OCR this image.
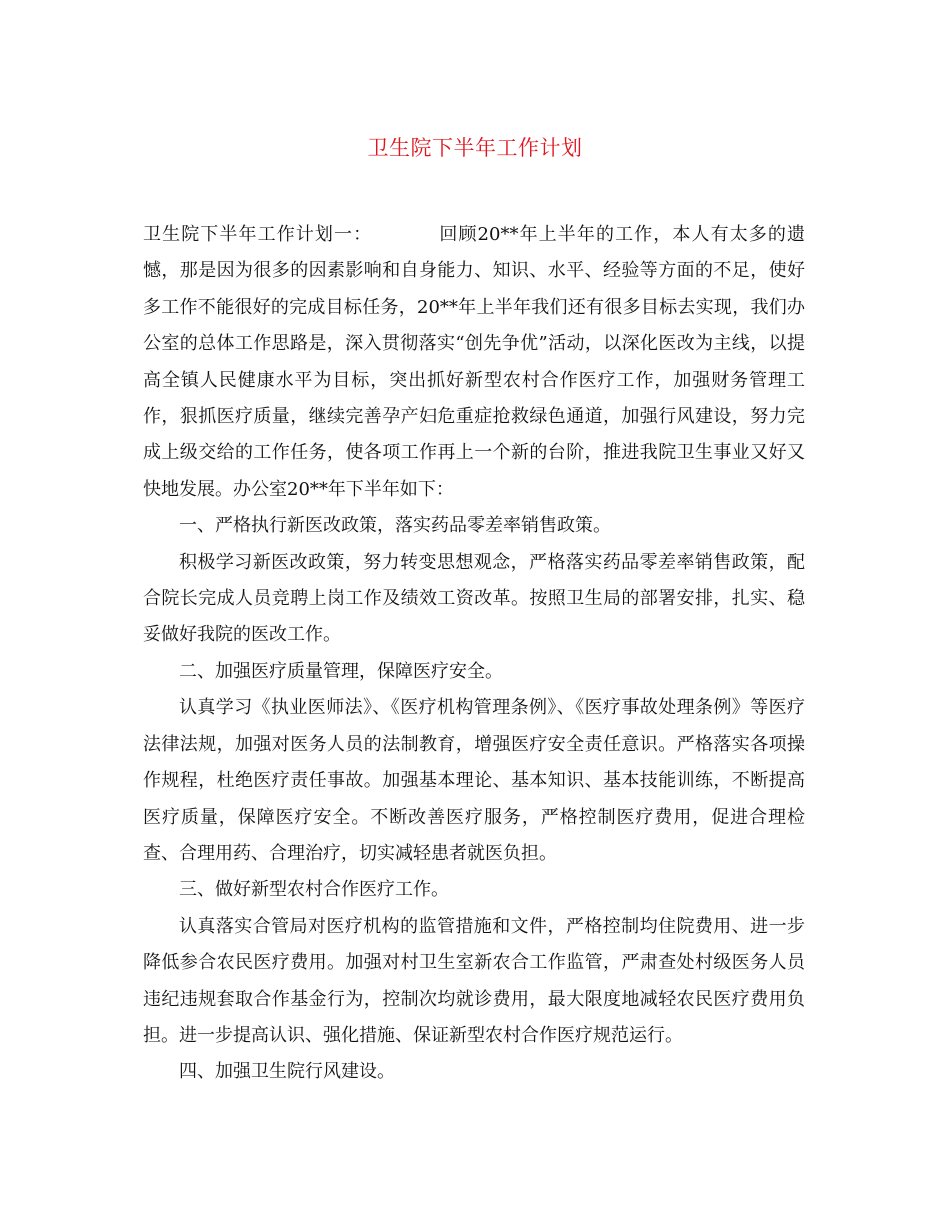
卫生院下半年工作计划

卫生院下半年工作计划一：	回顾20**年上半年的工作，本人有太多的遗憾，那是因为很多的因素影响和自身能力、知识、水平、经验等方面的不足，使好多工作不能很好的完成目标任务，20**年上半年我们还有很多目标去实现，我们办公室的总体工作思路是，深入贯彻落实“创先争优”活动，以深化医改为主线，以提高全镇人民健康水平为目标，突出抓好新型农村合作医疗工作，加强财务管理工作，狠抓医疗质量，继续完善孕产妇危重症抢救绿色通道，加强行风建设，努力完成上级交给的工作任务，使各项工作再上一个新的台阶，推进我院卫生事业又好又快地发展。办公室20**年下半年如下：

一、严格执行新医改政策，落实药品零差率销售政策。

积极学习新医改政策，努力转变思想观念，严格落实药品零差率销售政策，配合院长完成人员竞聘上岗工作及绩效工资改革。按照卫生局的部署安排，扎实、稳妥做好我院的医改工作。

二、加强医疗质量管理，保障医疗安全。

认真学习《执业医师法》、《医疗机构管理条例》、《医疗事故处理条例》等医疗法律法规，加强对医务人员的法制教育，增强医疗安全责任意识。严格落实各项操作规程，杜绝医疗责任事故。加强基本理论、基本知识、基本技能训练，不断提高医疗质量，保障医疗安全。不断改善医疗服务，严格控制医疗费用，促进合理检查、合理用药、合理治疗，切实减轻患者就医负担。

三、做好新型农村合作医疗工作。

认真落实合管局对医疗机构的监管措施和文件，严格控制均住院费用、进一步降低参合农民医疗费用。加强对村卫生室新农合工作监管，严肃查处村级医务人员违纪违规套取合作基金行为，控制次均就诊费用，最大限度地减轻农民医疗费用负担。进一步提高认识、强化措施、保证新型农村合作医疗规范运行。

四、加强卫生院行风建设。
